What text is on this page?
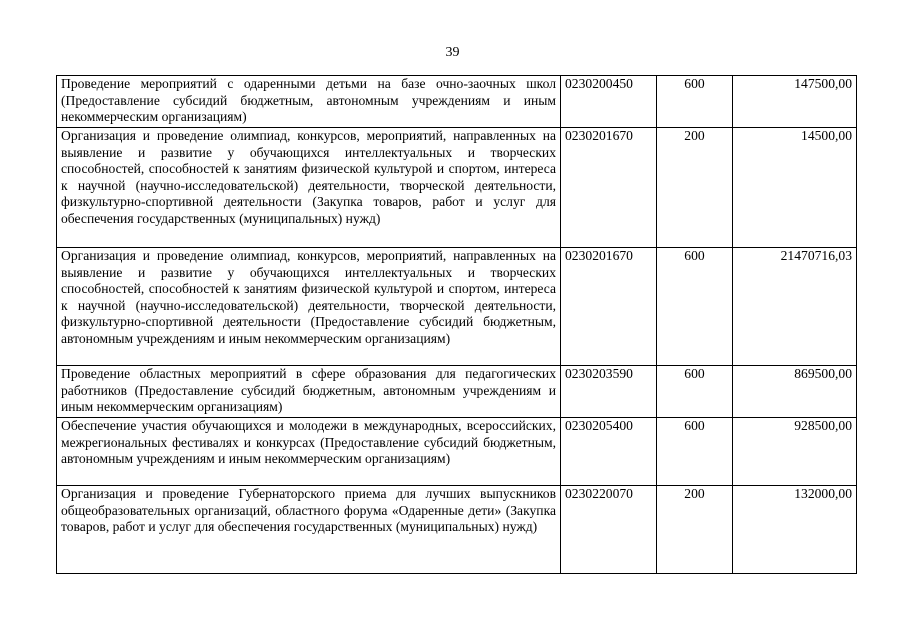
39
Проведение мероприятий с одаренными детьми на базе очно-заочных школ (Предоставление субсидий бюджетным, автономным учреждениям и иным некоммерческим организациям)	0230200450	600	147500,00
Организация и проведение олимпиад, конкурсов, мероприятий, направленных на выявление и развитие у обучающихся интеллектуальных и творческих способностей, способностей к занятиям физической культурой и спортом, интереса к научной (научно-исследовательской) деятельности, творческой деятельности, физкультурно-спортивной деятельности (Закупка товаров, работ и услуг для обеспечения государственных (муниципальных) нужд)	0230201670	200	14500,00
Организация и проведение олимпиад, конкурсов, мероприятий, направленных на выявление и развитие у обучающихся интеллектуальных и творческих способностей, способностей к занятиям физической культурой и спортом, интереса к научной (научно-исследовательской) деятельности, творческой деятельности, физкультурно-спортивной деятельности (Предоставление субсидий бюджетным, автономным учреждениям и иным некоммерческим организациям)	0230201670	600	21470716,03
Проведение областных мероприятий в сфере образования для педагогических работников (Предоставление субсидий бюджетным, автономным учреждениям и иным некоммерческим организациям)	0230203590	600	869500,00
Обеспечение участия обучающихся и молодежи в международных, всероссийских, межрегиональных фестивалях и конкурсах (Предоставление субсидий бюджетным, автономным учреждениям и иным некоммерческим организациям)	0230205400	600	928500,00
Организация и проведение Губернаторского приема для лучших выпускников общеобразовательных организаций, областного форума «Одаренные дети» (Закупка товаров, работ и услуг для обеспечения государственных (муниципальных) нужд)	0230220070	200	132000,00
